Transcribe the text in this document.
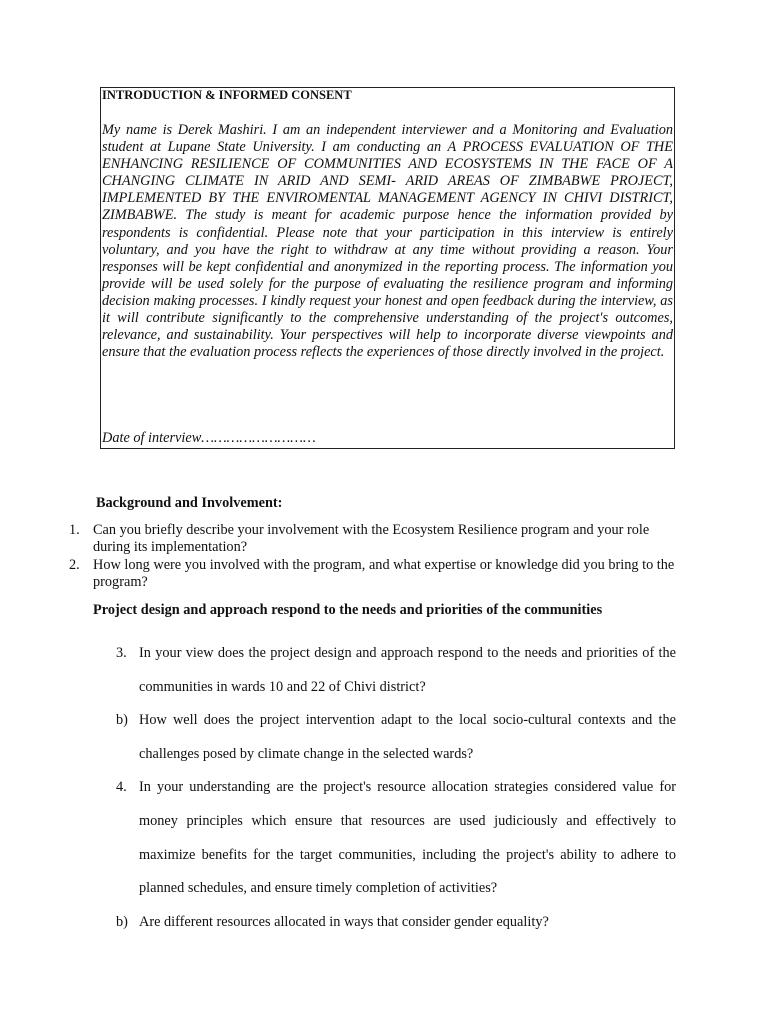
INTRODUCTION & INFORMED CONSENT

My name is Derek Mashiri. I am an independent interviewer and a Monitoring and Evaluation student at Lupane State University. I am conducting an A PROCESS EVALUATION OF THE ENHANCING RESILIENCE OF COMMUNITIES AND ECOSYSTEMS IN THE FACE OF A CHANGING CLIMATE IN ARID AND SEMI- ARID AREAS OF ZIMBABWE PROJECT, IMPLEMENTED BY THE ENVIROMENTAL MANAGEMENT AGENCY IN CHIVI DISTRICT, ZIMBABWE. The study is meant for academic purpose hence the information provided by respondents is confidential. Please note that your participation in this interview is entirely voluntary, and you have the right to withdraw at any time without providing a reason. Your responses will be kept confidential and anonymized in the reporting process. The information you provide will be used solely for the purpose of evaluating the resilience program and informing decision making processes. I kindly request your honest and open feedback during the interview, as it will contribute significantly to the comprehensive understanding of the project's outcomes, relevance, and sustainability. Your perspectives will help to incorporate diverse viewpoints and ensure that the evaluation process reflects the experiences of those directly involved in the project.

Date of interview………………………
Background and Involvement:
1. Can you briefly describe your involvement with the Ecosystem Resilience program and your role during its implementation?
2. How long were you involved with the program, and what expertise or knowledge did you bring to the program?
Project design and approach respond to the needs and priorities of the communities
3. In your view does the project design and approach respond to the needs and priorities of the communities in wards 10 and 22 of Chivi district?
b) How well does the project intervention adapt to the local socio-cultural contexts and the challenges posed by climate change in the selected wards?
4. In your understanding are the project's resource allocation strategies considered value for money principles which ensure that resources are used judiciously and effectively to maximize benefits for the target communities, including the project's ability to adhere to planned schedules, and ensure timely completion of activities?
b) Are different resources allocated in ways that consider gender equality?
